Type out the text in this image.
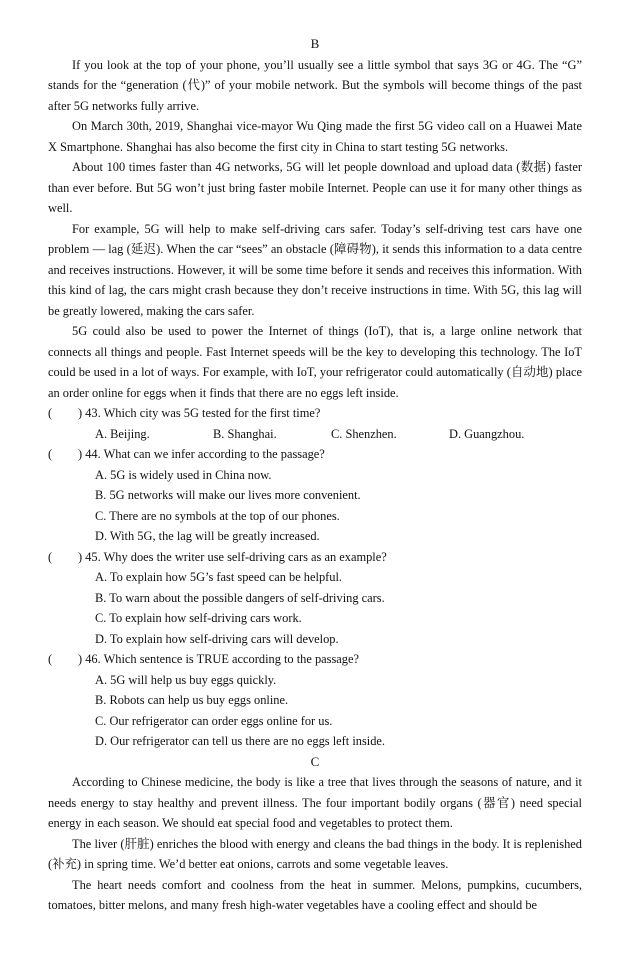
B

If you look at the top of your phone, you’ll usually see a little symbol that says 3G or 4G. The “G” stands for the “generation (代)” of your mobile network. But the symbols will become things of the past after 5G networks fully arrive.

On March 30th, 2019, Shanghai vice-mayor Wu Qing made the first 5G video call on a Huawei Mate X Smartphone. Shanghai has also become the first city in China to start testing 5G networks.

About 100 times faster than 4G networks, 5G will let people download and upload data (数据) faster than ever before. But 5G won’t just bring faster mobile Internet. People can use it for many other things as well.

For example, 5G will help to make self-driving cars safer. Today’s self-driving test cars have one problem — lag (延迟). When the car “sees” an obstacle (障碍物), it sends this information to a data centre and receives instructions. However, it will be some time before it sends and receives this information. With this kind of lag, the cars might crash because they don’t receive instructions in time. With 5G, this lag will be greatly lowered, making the cars safer.

5G could also be used to power the Internet of things (IoT), that is, a large online network that connects all things and people. Fast Internet speeds will be the key to developing this technology. The IoT could be used in a lot of ways. For example, with IoT, your refrigerator could automatically (自动地) place an order online for eggs when it finds that there are no eggs left inside.

( ) 43. Which city was 5G tested for the first time?
A. Beijing.	B. Shanghai.	C. Shenzhen.	D. Guangzhou.
( ) 44. What can we infer according to the passage?
A. 5G is widely used in China now.
B. 5G networks will make our lives more convenient.
C. There are no symbols at the top of our phones.
D. With 5G, the lag will be greatly increased.
( ) 45. Why does the writer use self-driving cars as an example?
A. To explain how 5G’s fast speed can be helpful.
B. To warn about the possible dangers of self-driving cars.
C. To explain how self-driving cars work.
D. To explain how self-driving cars will develop.
( ) 46. Which sentence is TRUE according to the passage?
A. 5G will help us buy eggs quickly.
B. Robots can help us buy eggs online.
C. Our refrigerator can order eggs online for us.
D. Our refrigerator can tell us there are no eggs left inside.
C

According to Chinese medicine, the body is like a tree that lives through the seasons of nature, and it needs energy to stay healthy and prevent illness. The four important bodily organs (器官) need special energy in each season. We should eat special food and vegetables to protect them.

The liver (肝脏) enriches the blood with energy and cleans the bad things in the body. It is replenished (补充) in spring time. We’d better eat onions, carrots and some vegetable leaves.

The heart needs comfort and coolness from the heat in summer. Melons, pumpkins, cucumbers, tomatoes, bitter melons, and many fresh high-water vegetables have a cooling effect and should be
